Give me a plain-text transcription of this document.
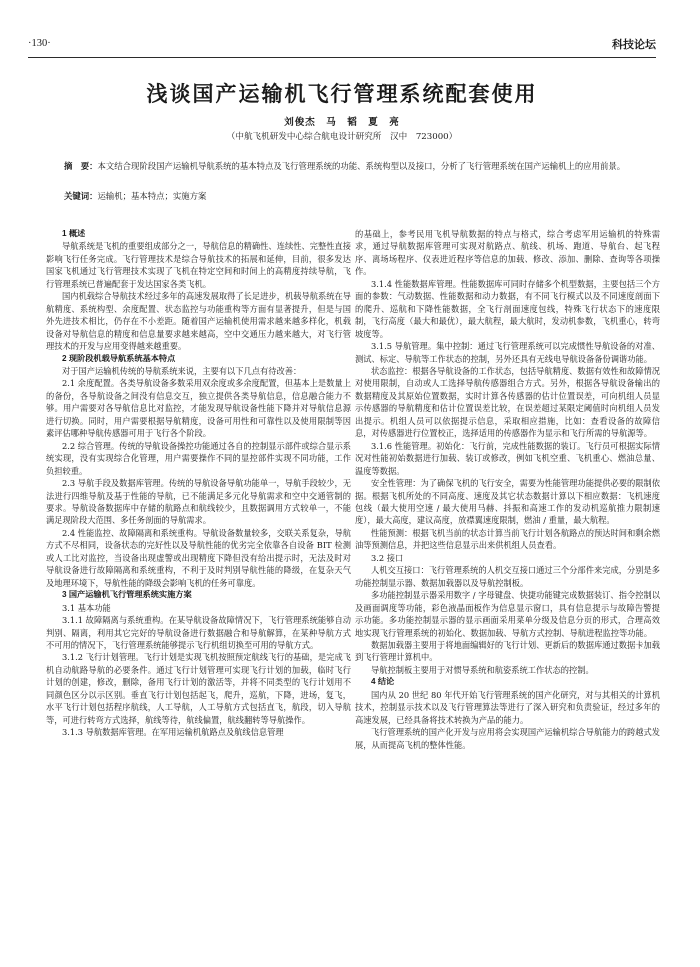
·130·	科技论坛
浅谈国产运输机飞行管理系统配套使用
刘俊杰　马　韬　夏　亮
（中航飞机研发中心综合航电设计研究所　汉中　723000）
摘　要：本文结合现阶段国产运输机导航系统的基本特点及飞行管理系统的功能、系统构型以及接口，分析了飞行管理系统在国产运输机上的应用前景。
关键词：运输机；基本特点；实施方案

1 概述

导航系统是飞机的重要组成部分之一，导航信息的精确性、连续性、完整性直接影响飞行任务完成。飞行管理技术是综合导航技术的拓展和延伸，目前，很多发达国家飞机通过飞行管理技术实现了飞机在特定空间和时间上的高精度持续导航，飞行管理系统已普遍配套于发达国家各类飞机。

国内机载综合导航技术经过多年的高速发展取得了长足进步，机载导航系统在导航精度、系统构型、余度配置、状态监控与功能重构等方面有显著提升，但是与国外先进技术相比，仍存在不小差距。随着国产运输机使用需求越来越多样化，机载设备对导航信息的精度和信息量要求越来越高，空中交通压力越来越大，对飞行管理技术的开发与应用变得越来越重要。

2 现阶段机载导航系统基本特点

对于国产运输机传统的导航系统来说，主要有以下几点有待改善：

2.1 余度配置。各类导航设备多数采用双余度或多余度配置，但基本上是数量上的备份，各导航设备之间没有信息交互，独立提供各类导航信息，信息融合能力不够。用户需要对各导航信息比对监控，才能发现导航设备性能下降并对导航信息源进行切换。同时，用户需要根据导航精度，设备可用性和可靠性以及使用限制等因素评估哪种导航传感器可用于飞行各个阶段。

2.2 综合管理。传统的导航设备操控功能通过各自的控制显示部件或综合显示系统实现，没有实现综合化管理，用户需要操作不同的显控部件实现不同功能，工作负担较重。

2.3 导航手段及数据库管理。传统的导航设备导航功能单一，导航手段较少，无法进行四维导航及基于性能的导航，已不能满足多元化导航需求和空中交通管制的要求。导航设备数据库中存储的航路点和航线较少，且数据调用方式较单一，不能满足现阶段大范围、多任务剖面的导航需求。

2.4 性能监控、故障隔离和系统重构。导航设备数量较多，交联关系复杂，导航方式不尽相同，设备状态的完好性以及导航性能的优劣完全依靠各自设备 BIT 检测或人工比对监控，当设备出现虚警或出现精度下降但没有给出提示时，无法及时对导航设备进行故障隔离和系统重构，不利于及时判别导航性能的降级，在复杂天气及地理环境下，导航性能的降级会影响飞机的任务可靠度。

3 国产运输机飞行管理系统实施方案

3.1 基本功能

3.1.1 故障隔离与系统重构。在某导航设备故障情况下，飞行管理系统能够自动判别、隔离，利用其它完好的导航设备进行数据融合和导航解算，在某种导航方式不可用的情况下，飞行管理系统能够提示飞行机组切换至可用的导航方式。

3.1.2 飞行计划管理。飞行计划是实现飞机按照预定航线飞行的基础，是完成飞机自动航路导航的必要条件。通过飞行计划管理可实现飞行计划的加载，临时飞行计划的创建，修改，删除，备用飞行计划的激活等，并将不同类型的飞行计划用不同颜色区分以示区别。垂直飞行计划包括起飞，爬升，巡航，下降，进场，复飞，水平飞行计划包括程序航线，人工导航，人工导航方式包括直飞，航段，切入导航等，可进行转弯方式选择，航线等待，航线偏置，航线翻转等导航操作。

3.1.3 导航数据库管理。在军用运输机航路点及航线信息管理

的基础上，参考民用飞机导航数据的特点与格式，综合考虑军用运输机的特殊需求，通过导航数据库管理可实现对航路点、航线、机场、跑道、导航台、起飞程序、离场场程序、仪表进近程序等信息的加载、修改、添加、删除、查询等各项操作。

3.1.4 性能数据库管理。性能数据库可同时存储多个机型数据，主要包括三个方面的参数：气动数据、性能数据和动力数据，有不同飞行模式以及不同速度剖面下的爬升、巡航和下降性能数据，全飞行剖面速度包线，特殊飞行状态下的速度限制，飞行高度（最大和最优），最大航程，最大航时，发动机参数，飞机重心，转弯坡度等。

3.1.5 导航管理。集中控制：通过飞行管理系统可以完成惯性导航设备的对准、测试、标定、导航等工作状态的控制，另外还具有无线电导航设备备份调谐功能。

状态监控：根据各导航设备的工作状态，包括导航精度、数据有效性和故障情况对使用限制，自动或人工选择导航传感器组合方式。另外，根据各导航设备输出的数据精度及其原始位置数据，实时计算各传感器的估计位置误差，可向机组人员显示传感器的导航精度和估计位置误差比较，在误差超过某限定阈值时向机组人员发出提示。机组人员可以依据提示信息，采取相应措施，比如：查看设备的故障信息，对传感器进行位置校正，选择适用的传感器作为显示和飞行所需的导航源等。

3.1.6 性能管理。初始化：飞行前，完成性能数据的装订。飞行员可根据实际情况对性能初始数据进行加载、装订或修改，例如飞机空重、飞机重心、燃油总量、温度等数据。

安全性管理：为了确保飞机的飞行安全，需要为性能管理功能提供必要的限制依据。根据飞机所处的不同高度、速度及其它状态数据计算以下相应数据：飞机速度包线（最大使用空速 / 最大使用马赫、抖振和高速工作的发动机巡航推力限制速度），最大高度，建议高度，放襟翼速度限制，燃油 / 重量，最大航程。

性能预测：根据飞机当前的状态计算当前飞行计划各航路点的预达时间和剩余燃油等预测信息，并把这些信息显示出来供机组人员查看。

3.2 接口

人机交互接口：飞行管理系统的人机交互接口通过三个分部件来完成，分别是多功能控制显示器、数据加载器以及导航控制板。

多功能控制显示器采用数字 / 字母键盘、快捷功能键完成数据装订、指令控制以及画面调度等功能，彩色液晶面板作为信息显示窗口，具有信息提示与故障告警提示功能。多功能控制显示器的显示画面采用菜单分级及信息分页的形式，合理高效地实现飞行管理系统的初始化、数据加载、导航方式控制、导航进程监控等功能。

数据加载器主要用于将地面编辑好的飞行计划、更新后的数据库通过数据卡加载到飞行管理计算机中。

导航控制板主要用于对惯导系统和航姿系统工作状态的控制。

4 结论

国内从 20 世纪 80 年代开始飞行管理系统的国产化研究，对与其相关的计算机技术，控制显示技术以及飞行管理算法等进行了深入研究和负责验证，经过多年的高速发展，已经具备将技术转换为产品的能力。

飞行管理系统的国产化开发与应用将会实现国产运输机综合导航能力的跨越式发展，从而提高飞机的整体性能。
